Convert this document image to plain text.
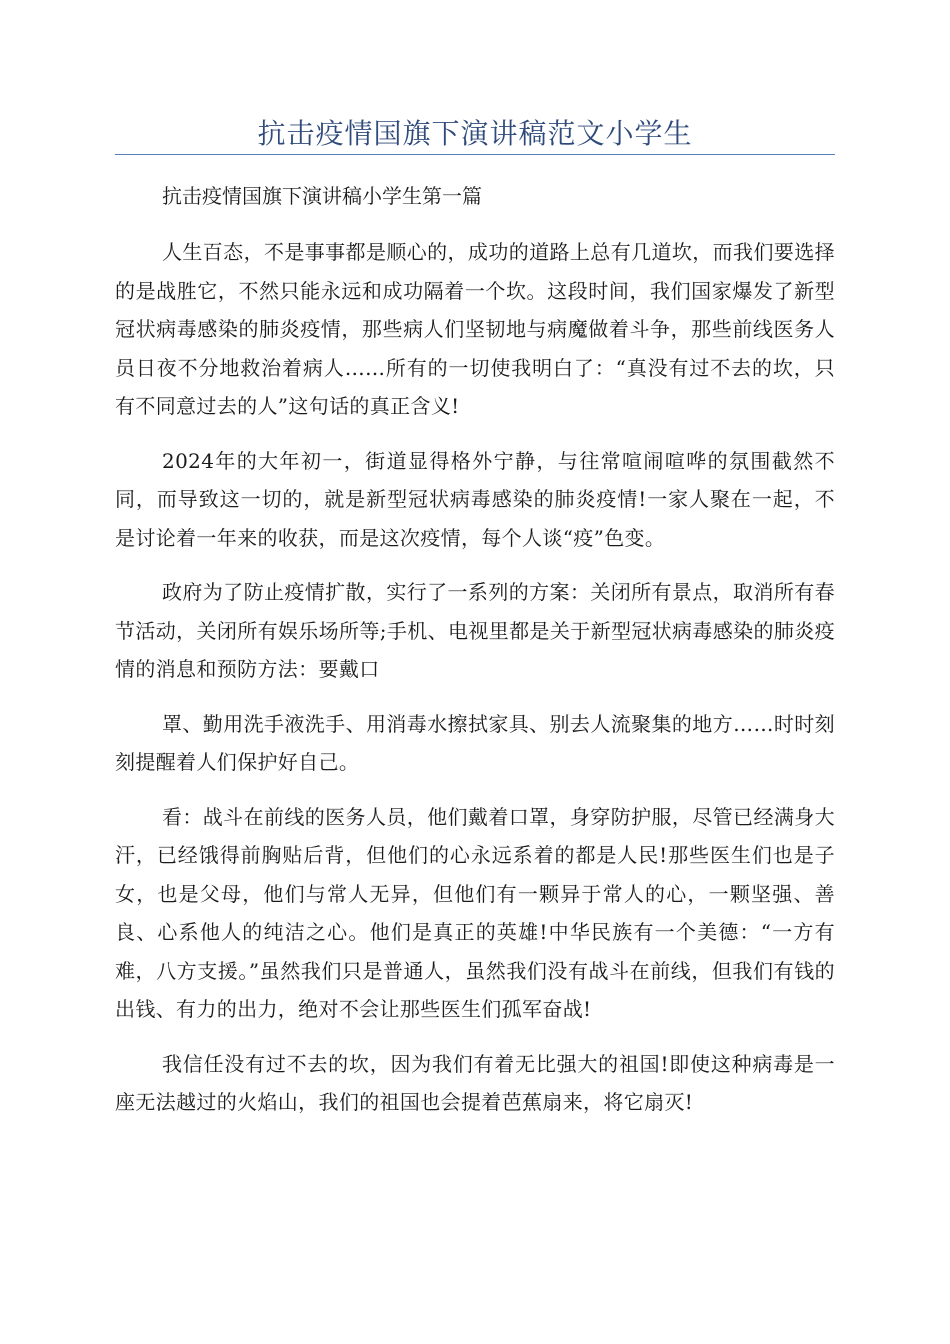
抗击疫情国旗下演讲稿范文小学生

抗击疫情国旗下演讲稿小学生第一篇

人生百态，不是事事都是顺心的，成功的道路上总有几道坎，而我们要选择的是战胜它，不然只能永远和成功隔着一个坎。这段时间，我们国家爆发了新型冠状病毒感染的肺炎疫情，那些病人们坚韧地与病魔做着斗争，那些前线医务人员日夜不分地救治着病人……所有的一切使我明白了：“真没有过不去的坎，只有不同意过去的人”这句话的真正含义!

2024年的大年初一，街道显得格外宁静，与往常喧闹喧哗的氛围截然不同，而导致这一切的，就是新型冠状病毒感染的肺炎疫情!一家人聚在一起，不是讨论着一年来的收获，而是这次疫情，每个人谈“疫”色变。

政府为了防止疫情扩散，实行了一系列的方案：关闭所有景点，取消所有春节活动，关闭所有娱乐场所等;手机、电视里都是关于新型冠状病毒感染的肺炎疫情的消息和预防方法：要戴口

罩、勤用洗手液洗手、用消毒水擦拭家具、别去人流聚集的地方……时时刻刻提醒着人们保护好自己。

看：战斗在前线的医务人员，他们戴着口罩，身穿防护服，尽管已经满身大汗，已经饿得前胸贴后背，但他们的心永远系着的都是人民!那些医生们也是子女，也是父母，他们与常人无异，但他们有一颗异于常人的心，一颗坚强、善良、心系他人的纯洁之心。他们是真正的英雄!中华民族有一个美德：“一方有难，八方支援。”虽然我们只是普通人，虽然我们没有战斗在前线，但我们有钱的出钱、有力的出力，绝对不会让那些医生们孤军奋战!

我信任没有过不去的坎，因为我们有着无比强大的祖国!即使这种病毒是一座无法越过的火焰山，我们的祖国也会提着芭蕉扇来，将它扇灭!
